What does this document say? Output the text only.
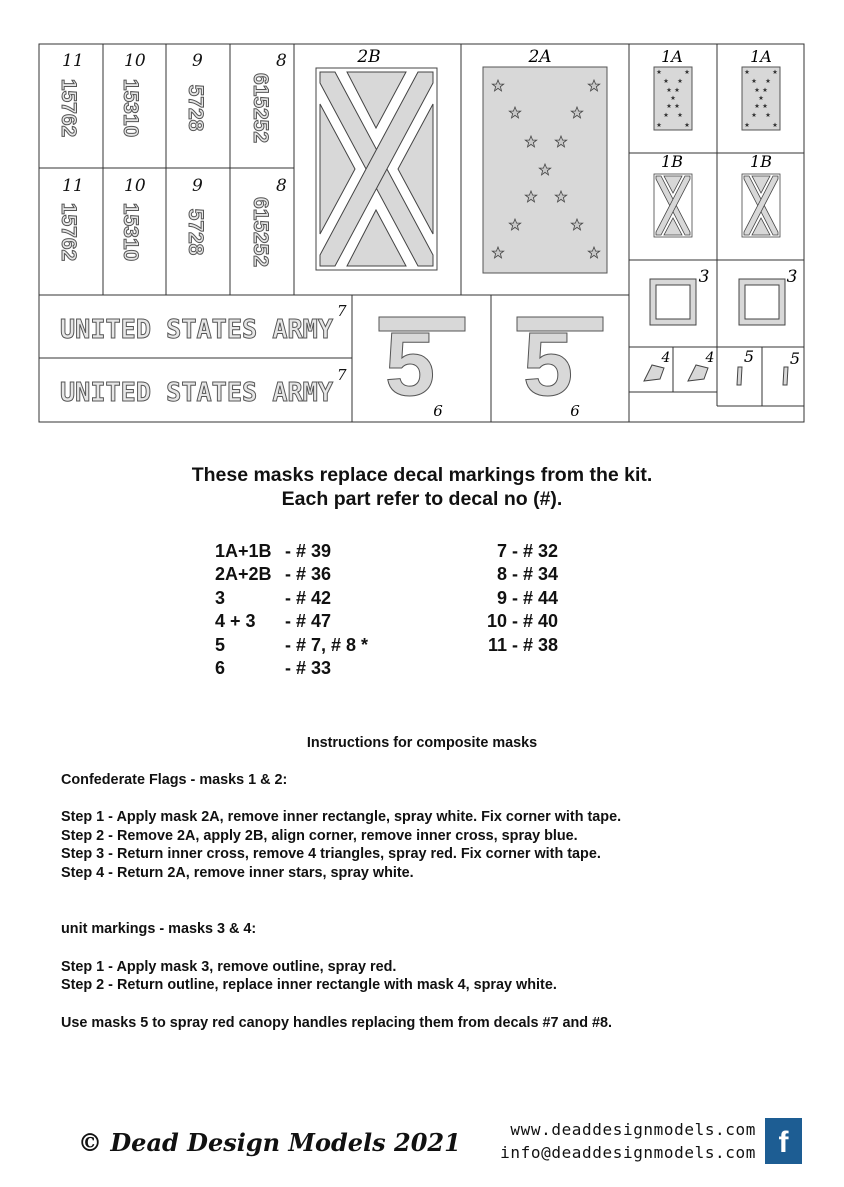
11 10	9	8
11 10	9	8
15762 15310 5728 615252
15762 15310 5728 615252
2B	2A	1A	1A
1B	1B
3	3
4	4 5 5
UNITED STATES ARMY
UNITED STATES ARMY
7
7 5
6 5
6
These masks replace decal markings from the kit.
Each part refer to decal no (#).
1A+1B - # 39
2A+2B - # 36
3	- # 42
4 + 3 - # 47
5	- # 7, # 8 *
6	- # 33
7 - # 32
8 - # 34
9 - # 44
10 - # 40
11 - # 38
Instructions for composite masks
Confederate Flags - masks 1 & 2:
Step 1 - Apply mask 2A, remove inner rectangle, spray white. Fix corner with tape.
Step 2 - Remove 2A, apply 2B, align corner, remove inner cross, spray blue.
Step 3 - Return inner cross, remove 4 triangles, spray red. Fix corner with tape.
Step 4 - Return 2A, remove inner stars, spray white.
unit markings - masks 3 & 4:
Step 1 - Apply mask 3, remove outline, spray red.
Step 2 - Return outline, replace inner rectangle with mask 4, spray white.
Use masks 5 to spray red canopy handles replacing them from decals #7 and #8.
© Dead Design Models 2021	www.deaddesignmodels.com
info@deaddesignmodels.com f
